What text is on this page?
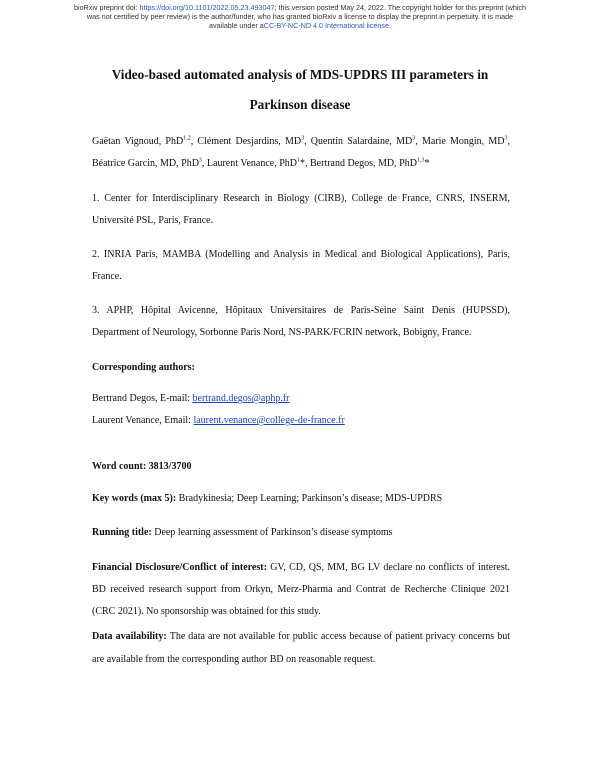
bioRxiv preprint doi: https://doi.org/10.1101/2022.05.23.493047; this version posted May 24, 2022. The copyright holder for this preprint (which
was not certified by peer review) is the author/funder, who has granted bioRxiv a license to display the preprint in perpetuity. It is made
available under aCC-BY-NC-ND 4.0 International license.
Video-based automated analysis of MDS-UPDRS III parameters in
Parkinson disease
Gaëtan Vignoud, PhD$^{1,2}$, Clément Desjardins, $MD^3$, Quentin Salardaine, $MD^3$, Marie Mongin, $MD^3$,
Béatrice Garcin, MD, PhD$^3$, Laurent Venance, PhD$^1$*, Bertrand Degos, MD, PhD$^{1,3}$*
1. Center for Interdisciplinary Research in Biology (CIRB), College de France, CNRS, INSERM,
Université PSL, Paris, France.
2. INRIA Paris, MAMBA (Modelling and Analysis in Medical and Biological Applications), Paris,
France.
3. APHP, Hôpital Avicenne, Hôpitaux Universitaires de Paris-Seine Saint Denis (HUPSSD),
Department of Neurology, Sorbonne Paris Nord, NS-PARK/FCRIN network, Bobigny, France.
Corresponding authors:
Bertrand Degos, E-mail: bertrand.degos@aphp.fr
Laurent Venance, Email: laurent.venance@college-de-france.fr
Word count: 3813/3700
Key words (max 5): Bradykinesia; Deep Learning; Parkinson’s disease; MDS-UPDRS
Running title: Deep learning assessment of Parkinson’s disease symptoms
Financial Disclosure/Conflict of interest: GV, CD, QS, MM, BG LV declare no conflicts of interest.
BD received research support from Orkyn, Merz-Pharma and Contrat de Recherche Clinique 2021
(CRC 2021). No sponsorship was obtained for this study.
Data availability: The data are not available for public access because of patient privacy concerns but
are available from the corresponding author BD on reasonable request.
